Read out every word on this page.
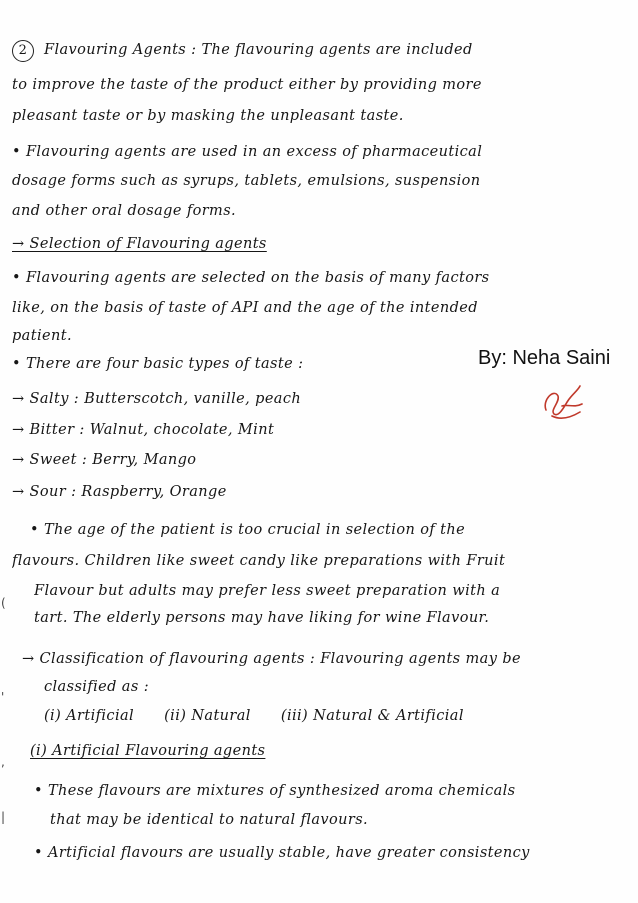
2 Flavouring Agents : The flavouring agents are included
to improve the taste of the product either by providing more
pleasant taste or by masking the unpleasant taste.
• Flavouring agents are used in an excess of pharmaceutical
dosage forms such as syrups, tablets, emulsions, suspension
and other oral dosage forms.
→ Selection of Flavouring agents
• Flavouring agents are selected on the basis of many factors
like, on the basis of taste of API and the age of the intended
patient.
• There are four basic types of taste :
→ Salty : Butterscotch, vanille, peach
→ Bitter : Walnut, chocolate, Mint
→ Sweet : Berry, Mango
→ Sour : Raspberry, Orange
• The age of the patient is too crucial in selection of the
flavours. Children like sweet candy like preparations with Fruit
Flavour but adults may prefer less sweet preparation with a
tart. The elderly persons may have liking for wine Flavour.
→ Classification of flavouring agents : Flavouring agents may be
classified as :
(i) Artificial      (ii) Natural      (iii) Natural & Artificial
(i) Artificial Flavouring agents
• These flavours are mixtures of synthesized aroma chemicals
that may be identical to natural flavours.
• Artificial flavours are usually stable, have greater consistency
By: Neha Saini
(
'
,
|
